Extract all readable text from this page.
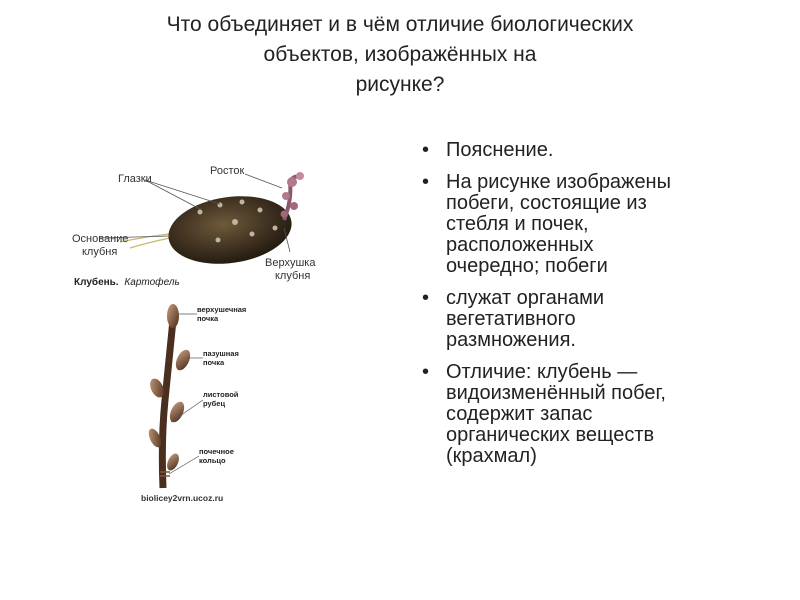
Что объединяет и в чём отличие биологических
объектов, изображённых на
рисунке?
• Пояснение.
• На рисунке изображены
побеги, состоящие из
стебля и почек,
расположенных
очередно; побеги
• служат органами
вегетативного
размножения.
• Отличие: клубень —
видоизменённый побег,
содержит запас
органических веществ
(крахмал)
Глазки
Росток
Основание
клубня
Верхушка
клубня
Клубень. Картофель
верхушечная
почка
пазушная
почка
листовой
рубец
почечное
кольцо
biolicey2vrn.ucoz.ru
